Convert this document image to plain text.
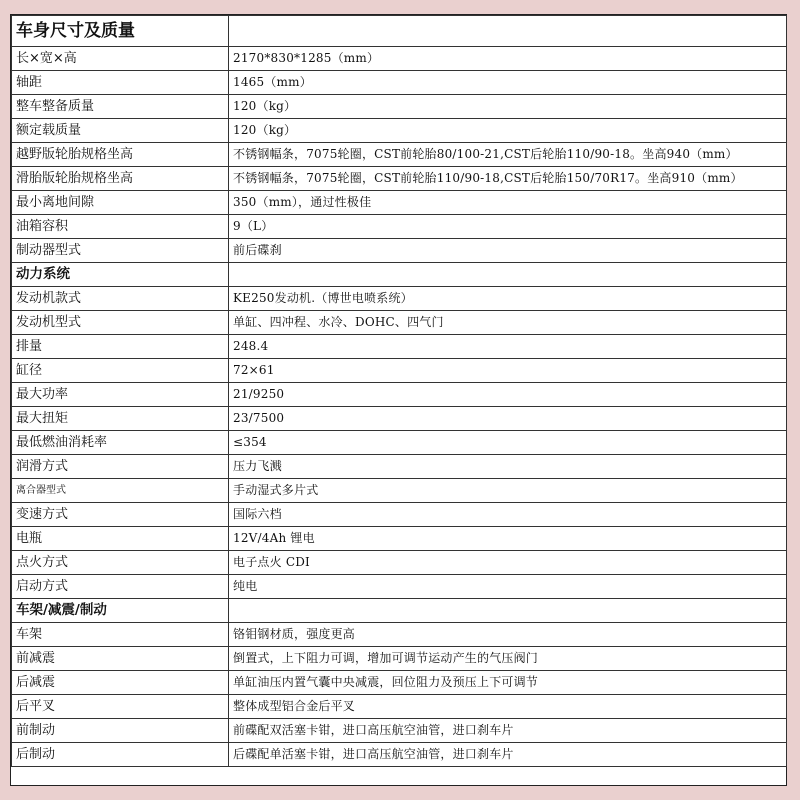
车身尺寸及质量	
长×宽×高	2170*830*1285（mm）
轴距	1465（mm）
整车整备质量	120（kg）
额定载质量	120（kg）
越野版轮胎规格坐高	不锈钢幅条，7075轮圈，CST前轮胎80/100-21,CST后轮胎110/90-18。坐高940（mm）
滑胎版轮胎规格坐高	不锈钢幅条，7075轮圈，CST前轮胎110/90-18,CST后轮胎150/70R17。坐高910（mm）
最小离地间隙	350（mm），通过性极佳
油箱容积	9（L）
制动器型式	前后碟刹
动力系统	
发动机款式	KE250发动机.（博世电喷系统）
发动机型式	单缸、四冲程、水冷、DOHC、四气门
排量	248.4
缸径	72×61
最大功率	21/9250
最大扭矩	23/7500
最低燃油消耗率	≤354
润滑方式	压力飞溅
离合器型式	手动湿式多片式
变速方式	国际六档
电瓶	12V/4Ah 锂电
点火方式	电子点火 CDI
启动方式	纯电
车架/减震/制动	
车架	铬钼钢材质，强度更高
前减震	倒置式，上下阻力可调，增加可调节运动产生的气压阀门
后减震	单缸油压内置气囊中央减震，回位阻力及预压上下可调节
后平叉	整体成型铝合金后平叉
前制动	前碟配双活塞卡钳，进口高压航空油管，进口刹车片
后制动	后碟配单活塞卡钳，进口高压航空油管，进口刹车片
